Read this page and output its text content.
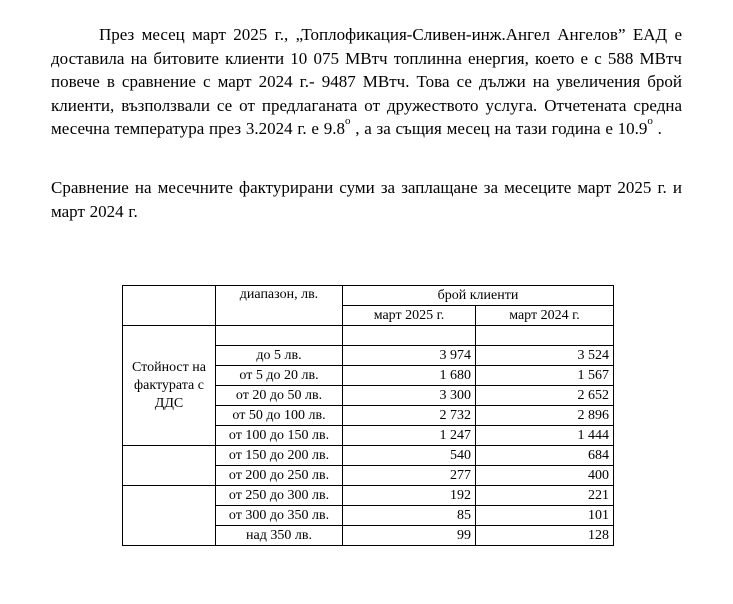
През месец март 2025 г., „Топлофикация-Сливен-инж.Ангел Ангелов” ЕАД е доставила на битовите клиенти 10 075 МВтч топлинна енергия, което е с 588 МВтч повече в сравнение с март 2024 г.- 9487 МВтч. Това се дължи на увеличения брой клиенти, възползвали се от предлаганата от дружеството услуга. Отчетената средна месечна температура през 3.2024 г. е $9.8^о$ , а за същия месец на тази година е $10.9^о$ .

Сравнение на месечните фактурирани суми за заплащане за месеците март 2025 г. и март 2024 г.

	диапазон, лв.	брой клиенти	
		март 2025 г.	март 2024 г.

Стойност на фактурата с ДДС			

	до 5 лв.	3 974	3 524
	от 5 до 20 лв.	1 680	1 567
	от 20 до 50 лв.	3 300	2 652
	от 50 до 100 лв.	2 732	2 896
	от 100 до 150 лв.	1 247	1 444
	от 150 до 200 лв.	540	684
	от 200 до 250 лв.	277	400
	от 250 до 300 лв.	192	221
	от 300 до 350 лв.	85	101
	над 350 лв.	99	128
